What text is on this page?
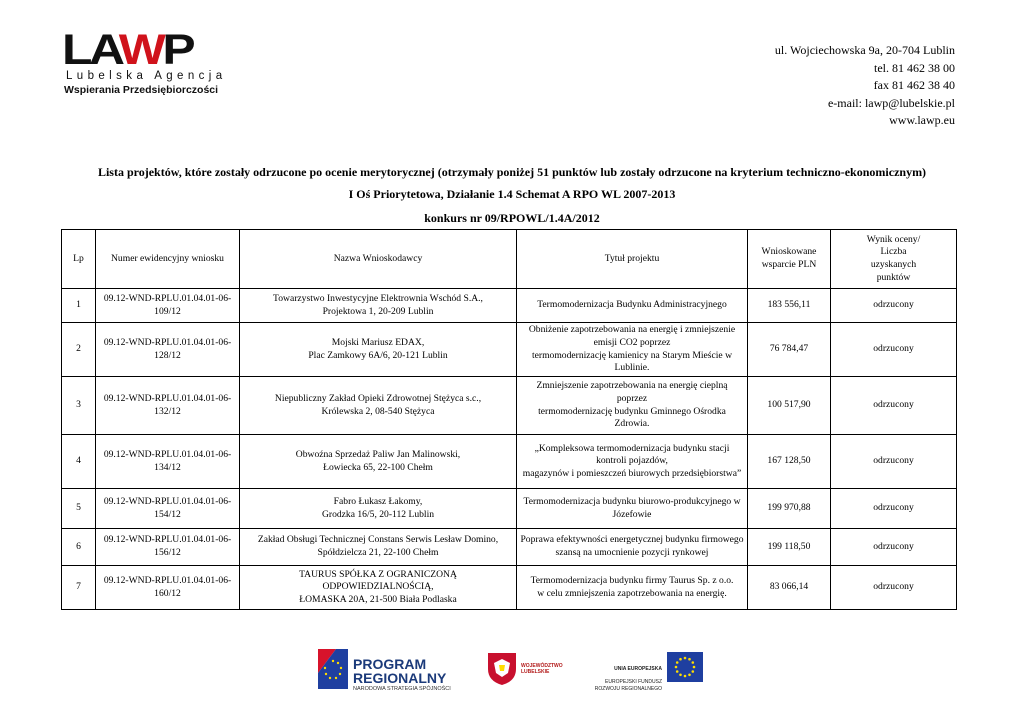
LAWP
Lubelska Agencja
Wspierania Przedsiębiorczości
ul. Wojciechowska 9a, 20-704 Lublin
tel. 81 462 38 00
fax 81 462 38 40
e-mail: lawp@lubelskie.pl
www.lawp.eu
Lista projektów, które zostały odrzucone po ocenie merytorycznej (otrzymały poniżej 51 punktów lub zostały odrzucone na kryterium techniczno-ekonomicznym)
I Oś Priorytetowa, Działanie 1.4 Schemat A RPO WL 2007-2013
konkurs nr 09/RPOWL/1.4A/2012
Lp	Numer ewidencyjny wniosku	Nazwa Wnioskodawcy	Tytuł projektu	Wnioskowane
wsparcie PLN	Wynik oceny/
Liczba
uzyskanych
punktów
1	09.12-WND-RPLU.01.04.01-06-
109/12	Towarzystwo Inwestycyjne Elektrownia Wschód S.A.,
Projektowa 1, 20-209 Lublin	Termomodernizacja Budynku Administracyjnego	183 556,11	odrzucony
2	09.12-WND-RPLU.01.04.01-06-
128/12	Mojski Mariusz EDAX,
Plac Zamkowy 6A/6, 20-121 Lublin	Obniżenie zapotrzebowania na energię i zmniejszenie
emisji CO2 poprzez
termomodernizację kamienicy na Starym Mieście w
Lublinie.	76 784,47	odrzucony
3	09.12-WND-RPLU.01.04.01-06-
132/12	Niepubliczny Zakład Opieki Zdrowotnej Stężyca s.c.,
Królewska 2, 08-540 Stężyca	Zmniejszenie zapotrzebowania na energię cieplną
poprzez
termomodernizację budynku Gminnego Ośrodka
Zdrowia.	100 517,90	odrzucony
4	09.12-WND-RPLU.01.04.01-06-
134/12	Obwoźna Sprzedaż Paliw Jan Malinowski,
Łowiecka 65, 22-100 Chełm	„Kompleksowa termomodernizacja budynku stacji
kontroli pojazdów,
magazynów i pomieszczeń biurowych przedsiębiorstwa”	167 128,50	odrzucony
5	09.12-WND-RPLU.01.04.01-06-
154/12	Fabro Łukasz Łakomy,
Grodzka 16/5, 20-112 Lublin	Termomodernizacja budynku biurowo-produkcyjnego w
Józefowie	199 970,88	odrzucony
6	09.12-WND-RPLU.01.04.01-06-
156/12	Zakład Obsługi Technicznej Constans Serwis Lesław Domino,
Spółdzielcza 21, 22-100 Chełm	Poprawa efektywności energetycznej budynku firmowego
szansą na umocnienie pozycji rynkowej	199 118,50	odrzucony
7	09.12-WND-RPLU.01.04.01-06-
160/12	TAURUS SPÓŁKA Z OGRANICZONĄ
ODPOWIEDZIALNOŚCIĄ,
ŁOMASKA 20A, 21-500 Biała Podlaska	Termomodernizacja budynku firmy Taurus Sp. z o.o.
w celu zmniejszenia zapotrzebowania na energię.	83 066,14	odrzucony
PROGRAM
REGIONALNY
NARODOWA STRATEGIA SPÓJNOŚCI
WOJEWÓDZTWO
LUBELSKIE	UNIA EUROPEJSKA

EUROPEJSKI FUNDUSZ
ROZWOJU REGIONALNEGO
